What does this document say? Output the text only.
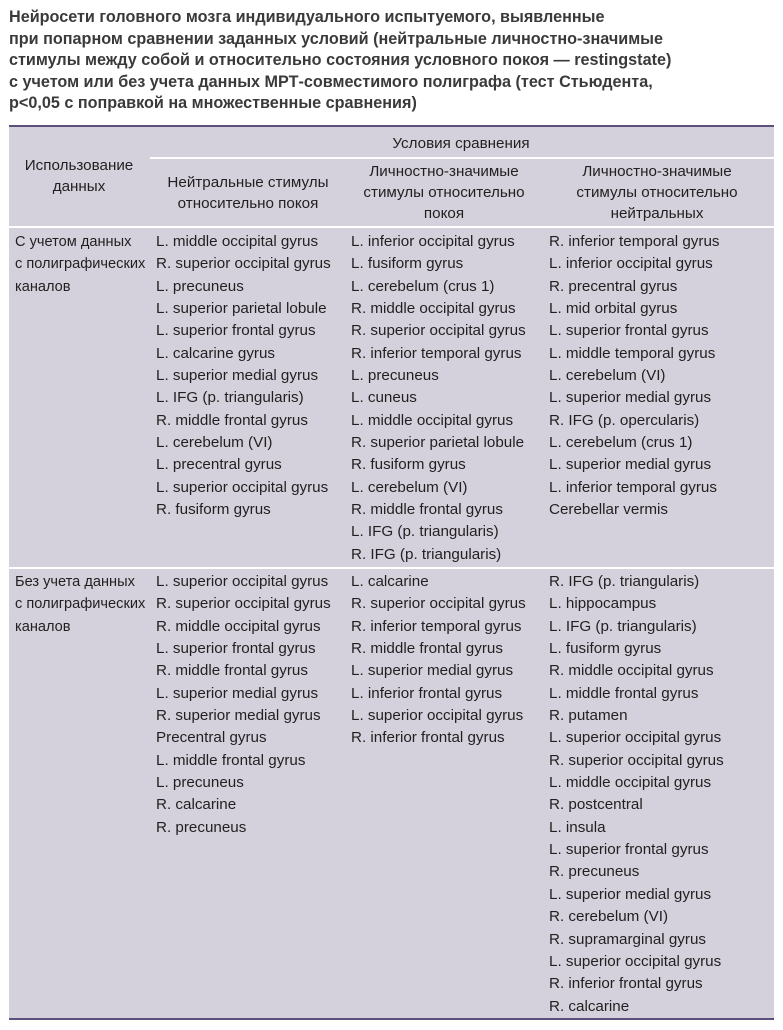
Нейросети головного мозга индивидуального испытуемого, выявленные
при попарном сравнении заданных условий (нейтральные личностно-значимые
стимулы между собой и относительно состояния условного покоя — restingstate)
с учетом или без учета данных МРТ-совместимого полиграфа (тест Стьюдента,
р<0,05 с поправкой на множественные сравнения)
Использование
данных
Условия сравнения
Нейтральные стимулы
относительно покоя
Личностно-значимые
стимулы относительно
покоя
Личностно-значимые
стимулы относительно
нейтральных
С учетом данных
с полиграфических
каналов
L. middle occipital gyrus
R. superior occipital gyrus
L. precuneus
L. superior parietal lobule
L. superior frontal gyrus
L. calcarine gyrus
L. superior medial gyrus
L. IFG (p. triangularis)
R. middle frontal gyrus
L. cerebelum (VI)
L. precentral gyrus
L. superior occipital gyrus
R. fusiform gyrus
L. inferior occipital gyrus
L. fusiform gyrus
L. cerebelum (crus 1)
R. middle occipital gyrus
R. superior occipital gyrus
R. inferior temporal gyrus
L. precuneus
L. cuneus
L. middle occipital gyrus
R. superior parietal lobule
R. fusiform gyrus
L. cerebelum (VI)
R. middle frontal gyrus
L. IFG (p. triangularis)
R. IFG (p. triangularis)
R. inferior temporal gyrus
L. inferior occipital gyrus
R. precentral gyrus
L. mid orbital gyrus
L. superior frontal gyrus
L. middle temporal gyrus
L. cerebelum (VI)
L. superior medial gyrus
R. IFG (p. opercularis)
L. cerebelum (crus 1)
L. superior medial gyrus
L. inferior temporal gyrus
Cerebellar vermis
Без учета данных
с полиграфических
каналов
L. superior occipital gyrus
R. superior occipital gyrus
R. middle occipital gyrus
L. superior frontal gyrus
R. middle frontal gyrus
L. superior medial gyrus
R. superior medial gyrus
Precentral gyrus
L. middle frontal gyrus
L. precuneus
R. calcarine
R. precuneus
L. calcarine
R. superior occipital gyrus
R. inferior temporal gyrus
R. middle frontal gyrus
L. superior medial gyrus
L. inferior frontal gyrus
L. superior occipital gyrus
R. inferior frontal gyrus
R. IFG (p. triangularis)
L. hippocampus
L. IFG (p. triangularis)
L. fusiform gyrus
R. middle occipital gyrus
L. middle frontal gyrus
R. putamen
L. superior occipital gyrus
R. superior occipital gyrus
L. middle occipital gyrus
R. postcentral
L. insula
L. superior frontal gyrus
R. precuneus
L. superior medial gyrus
R. cerebelum (VI)
R. supramarginal gyrus
L. superior occipital gyrus
R. inferior frontal gyrus
R. calcarine
